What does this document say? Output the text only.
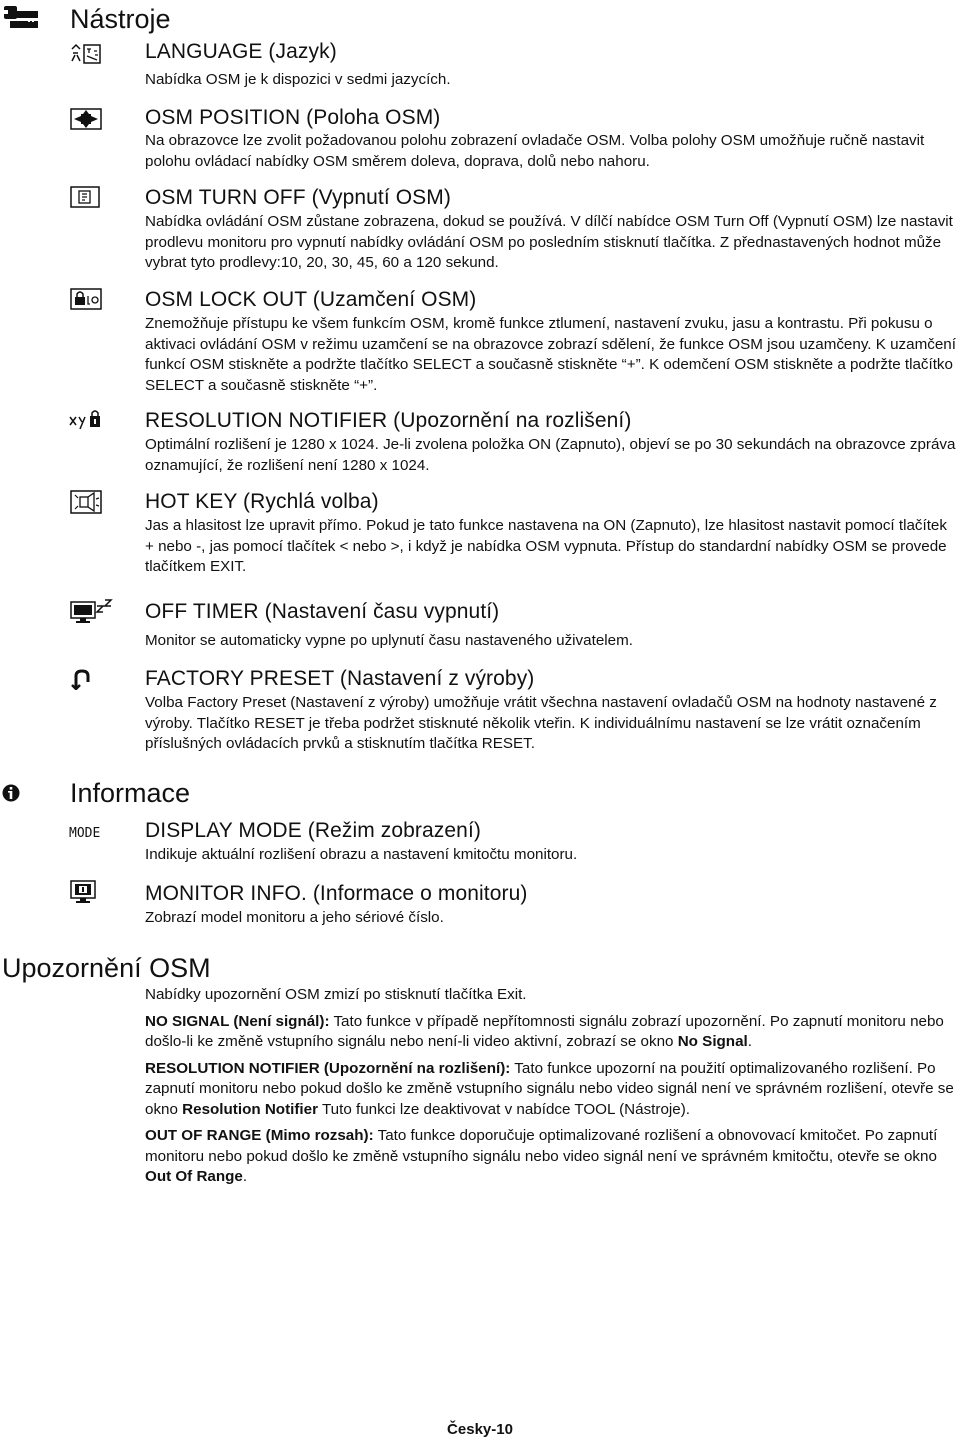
Nástroje
LANGUAGE (Jazyk)

Nabídka OSM je k dispozici v sedmi jazycích.

OSM POSITION (Poloha OSM)

Na obrazovce lze zvolit požadovanou polohu zobrazení ovladače OSM. Volba polohy OSM umožňuje ručně nastavit polohu ovládací nabídky OSM směrem doleva, doprava, dolů nebo nahoru.

OSM TURN OFF (Vypnutí OSM)

Nabídka ovládání OSM zůstane zobrazena, dokud se používá. V dílčí nabídce OSM Turn Off (Vypnutí OSM) lze nastavit prodlevu monitoru pro vypnutí nabídky ovládání OSM po posledním stisknutí tlačítka. Z přednastavených hodnot může vybrat tyto prodlevy:10, 20, 30, 45, 60 a 120 sekund.

OSM LOCK OUT (Uzamčení OSM)

Znemožňuje přístupu ke všem funkcím OSM, kromě funkce ztlumení, nastavení zvuku, jasu a kontrastu. Při pokusu o aktivaci ovládání OSM v režimu uzamčení se na obrazovce zobrazí sdělení, že funkce OSM jsou uzamčeny. K uzamčení funkcí OSM stiskněte a podržte tlačítko SELECT a současně stiskněte “+”. K odemčení OSM stiskněte a podržte tlačítko SELECT a současně stiskněte “+”.

RESOLUTION NOTIFIER (Upozornění na rozlišení)

Optimální rozlišení je 1280 x 1024. Je-li zvolena položka ON (Zapnuto), objeví se po 30 sekundách na obrazovce zpráva oznamující, že rozlišení není 1280 x 1024.

HOT KEY (Rychlá volba)

Jas a hlasitost lze upravit přímo. Pokud je tato funkce nastavena na ON (Zapnuto), lze hlasitost nastavit pomocí tlačítek + nebo -, jas pomocí tlačítek < nebo >, i když je nabídka OSM vypnuta. Přístup do standardní nabídky OSM se provede tlačítkem EXIT.

OFF TIMER (Nastavení času vypnutí)

Monitor se automaticky vypne po uplynutí času nastaveného uživatelem.

FACTORY PRESET (Nastavení z výroby)

Volba Factory Preset (Nastavení z výroby) umožňuje vrátit všechna nastavení ovladačů OSM na hodnoty nastavené z výroby. Tlačítko RESET je třeba podržet stisknuté několik vteřin. K individuálnímu nastavení se lze vrátit označením příslušných ovládacích prvků a stisknutím tlačítka RESET.

Informace
MODE DISPLAY MODE (Režim zobrazení)

Indikuje aktuální rozlišení obrazu a nastavení kmitočtu monitoru.

MONITOR INFO. (Informace o monitoru)

Zobrazí model monitoru a jeho sériové číslo.

Upozornění OSM

Nabídky upozornění OSM zmizí po stisknutí tlačítka Exit.

NO SIGNAL (Není signál): Tato funkce v případě nepřítomnosti signálu zobrazí upozornění. Po zapnutí monitoru nebo došlo-li ke změně vstupního signálu nebo není-li video aktivní, zobrazí se okno No Signal.

RESOLUTION NOTIFIER (Upozornění na rozlišení): Tato funkce upozorní na použití optimalizovaného rozlišení. Po zapnutí monitoru nebo pokud došlo ke změně vstupního signálu nebo video signál není ve správném rozlišení, otevře se okno Resolution Notifier Tuto funkci lze deaktivovat v nabídce TOOL (Nástroje).

OUT OF RANGE (Mimo rozsah): Tato funkce doporučuje optimalizované rozlišení a obnovovací kmitočet. Po zapnutí monitoru nebo pokud došlo ke změně vstupního signálu nebo video signál není ve správném kmitočtu, otevře se okno Out Of Range.

Česky-10
